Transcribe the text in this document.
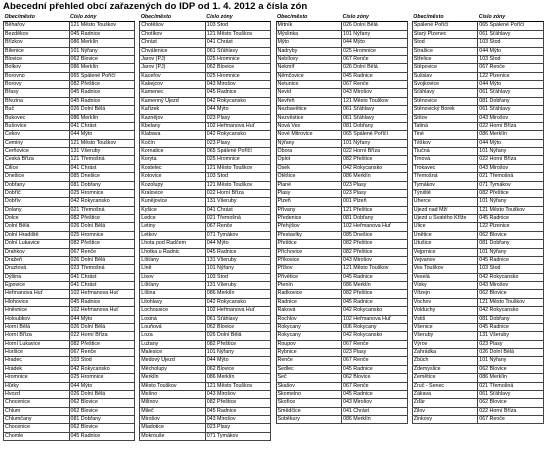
Abecední přehled obcí zařazených do IDP od 1. 4. 2012 a čísla zón
Obec/město	Číslo zóny
Běhařov	121 Město Touškov
Bezděkov	045 Radnice
Břízkov	086 Merklín
Bílenice	101 Nýřany
Blovice	062 Blovice
Bolkov	086 Merklín
Borovno	065 Spálené Poříčí
Borovy	082 Přeštice
Břasy	045 Radnice
Březina	045 Radnice
Buč	026 Dolní Bělá
Bukovec	086 Merklín
Bušovice	041 Chrást
Čekov	044 Mýto
Čeminy	121 Město Touškov
Čerňovice	131 Všeruby
Česká Bříza	121 Třemošná
Čilíce	041 Chrást
Dnešice	085 Dnešice
Dobřany	081 Dobřany
Dobříč	025 Hromnice
Dobřív	042 Rokycansko
Dolany	021 Třemošná
Dolce	082 Přeštice
Dolní Bělá	026 Dolní Bělá
Dolní Hradiště	025 Hromnice
Dolní Lukavice	082 Přeštice
Drahkov	067 Řenče
Dražeň	026 Dolní Bělá
Druztová	023 Třemošná
Dýšina	041 Chrást
Ejpovice	041 Chrást
Heřmanova Huť	102 Heřmanova Huť
Hlohovice	045 Radnice
Hněvnice	102 Heřmanova Huť
Holoubkov	044 Mýto
Horní Bělá	026 Dolní Bělá
Horní Bříza	022 Horní Bříza
Horní Lukavice	082 Přeštice
Horšice	067 Řenče
Hradec	103 Stod
Hrádek	042 Rokycansko
Hromnice	025 Hromnice
Hůrky	044 Mýto
Hvozd	026 Dolní Bělá
Chocenice	062 Blovice
Chlum	062 Blovice
Chlumčany	081 Dobřany
Chocenice	062 Blovice
Chomle	045 Radnice
Obec/město	Číslo zóny
Chotěšov	103 Stod
Chotíkov	121 Město Touškov
Chrást	041 Chrást
Chválenice	061 Šťáhlavy
Jarov (PJ)	025 Hromnice
Jarov (PJ)	062 Blovice
Kaceřov	025 Hromnice
Kakejcov	043 Mirošov
Kamenec	045 Radnice
Kamenný Újezd	042 Rokycansko
Kařízek	044 Mýto
Kaznějov	023 Plasy
Kbelany	102 Heřmanova Huť
Klabava	042 Rokycansko
Kočín	023 Plasy
Kornatice	065 Spálené Poříčí
Koryta	025 Hromnice
Kostelec	121 Město Touškov
Kotovice	103 Stod
Kozolupy	121 Město Touškov
Kralovice	022 Horní Bříza
Kunějovice	131 Všeruby
Kyšice	041 Chrást
Ledce	021 Třemošná
Letiny	067 Řenče
Letkov	071 Tymákov
Lhota pod Radčem	044 Mýto
Lhotka u Radnic	045 Radnice
Líšťany	131 Všeruby
Líně	101 Nýřany
Lisov	103 Stod
Líšťany	131 Všeruby
Líšina	086 Merklín
Litohlavy	042 Rokycansko
Lochousice	102 Heřmanova Huť
Losiná	061 Šťáhlavy
Louňová	062 Blovice
Loza	026 Dolní Bělá
Lužany	082 Přeštice
Malesice	101 Nýřany
Medový Újezd	044 Mýto
Měcholupy	062 Blovice
Merklín	086 Merklín
Město Touškov	121 Město Touškov
Mešno	043 Mirošov
Milínov	082 Přeštice
Mileč	045 Radnice
Mirošov	043 Mirošov
Mladotice	023 Plasy
Mokrouše	071 Tymákov
Obec/město	Číslo zóny
Mrtník	026 Dolní Bělá
Mýslinka	101 Nýřany
Mýto	044 Mýto
Nadryby	025 Hromnice
Nebílovy	067 Řenče
Nekmíř	026 Dolní Bělá
Němčovice	045 Radnice
Netunice	067 Řenče
Nevid	043 Mirošov
Nevřeň	121 Město Touškov
Nezbavětice	061 Šťáhlavy
Nezvěstice	061 Šťáhlavy
Nová Ves	081 Dobřany
Nové Mitrovice	065 Spálené Poříčí
Nýřany	101 Nýřany
Obora	022 Horní Bříza
Oplot	082 Přeštice
Osek	042 Rokycansko
Otěšice	086 Merklín
Plané	023 Plasy
Plasy	023 Plasy
Plzeň	001 Plzeň
Přívany	121 Přeštice
Předenice	081 Dobřany
Přehýšov	102 Heřmanova Huť
Přestavlky	085 Dnešice
Přeštice	082 Přeštice
Příchovice	082 Přeštice
Příkosice	043 Mirošov
Příšov	121 Město Touškov
Přívětice	045 Radnice
Ptenín	086 Merklín
Radkovice	082 Přeštice
Radnice	045 Radnice
Raková	042 Rokycansko
Rochlov	102 Heřmanova Huť
Rokycany	006 Rokycany
Rokycany	042 Rokycansko
Roupov	067 Řenče
Rybnice	023 Plasy
Řenče	067 Řenče
Sedlec	045 Radnice
Seč	062 Blovice
Skašov	067 Řenče
Skomelno	045 Radnice
Skořice	043 Mirošov
Smědčice	041 Chrást
Soběkury	086 Merklín
Obec/město	Číslo zóny
Spálené Poříčí	065 Spálené Poříčí
Starý Plzenec	061 Šťáhlavy
Stod	103 Stod
Strašice	044 Mýto
Střelice	103 Stod
Štěpovice	067 Řenče
Sulislav	122 Plzenice
Svojkovice	044 Mýto
Šťáhlavy	061 Šťáhlavy
Štěnovice	081 Dobřany
Štěnovický Borek	061 Šťáhlavy
Štítov	043 Mirošov
Tatiná	022 Horní Bříza
Tiné	086 Merklín
Těškov	044 Mýto
Tlučná	101 Nýřany
Trnová	022 Horní Bříza
Trokavec	043 Mirošov
Třemošná	021 Třemošná
Tymákov	071 Tymákov
Týniště	082 Přeštice
Úherce	101 Nýřany
Újezd nad Mží	121 Město Touškov
Újezd u Svatého Kříže	045 Radnice
Úlice	122 Plzenice
Únětice	062 Blovice
Útušice	081 Dobřany
Vejprnice	101 Nýřany
Vejvanov	045 Radnice
Ves Touškov	103 Stod
Veselá	042 Rokycansko
Vísky	043 Mirošov
Vítzejn	062 Blovice
Vochov	121 Město Touškov
Volduchy	042 Rokycansko
Vstiš	081 Dobřany
Všenice	045 Radnice
Všeruby	131 Všeruby
Výrov	023 Plasy
Zahrádka	026 Dolní Bělá
Zbůch	101 Nýřany
Zdemyslice	062 Blovice
Zemětice	086 Merklín
Zruč - Senec	021 Třemošná
Žákava	061 Šťáhlavy
Žďár	062 Blovice
Žilov	022 Horní Bříza
Žinkovy	067 Řenče
